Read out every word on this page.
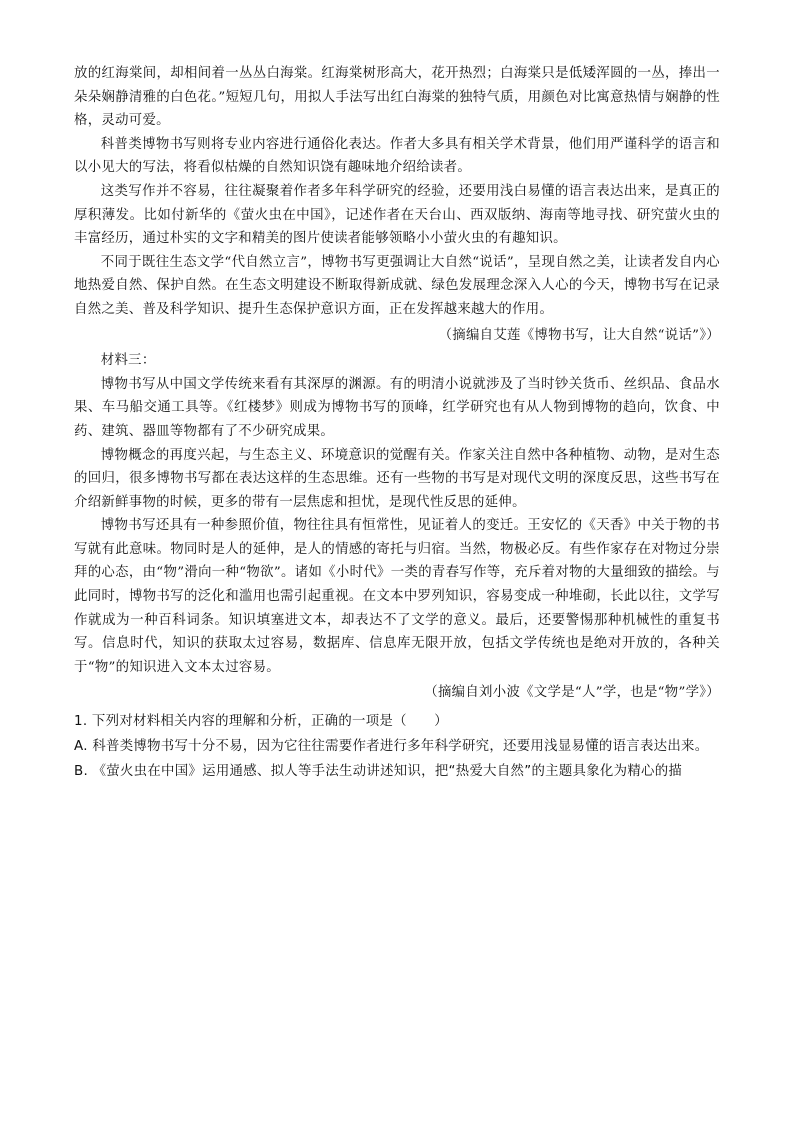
放的红海棠间，却相间着一丛丛白海棠。红海棠树形高大，花开热烈；白海棠只是低矮浑圆的一丛，捧出一朵朵娴静清雅的白色花。”短短几句，用拟人手法写出红白海棠的独特气质，用颜色对比寓意热情与娴静的性格，灵动可爱。

科普类博物书写则将专业内容进行通俗化表达。作者大多具有相关学术背景，他们用严谨科学的语言和以小见大的写法，将看似枯燥的自然知识饶有趣味地介绍给读者。

这类写作并不容易，往往凝聚着作者多年科学研究的经验，还要用浅白易懂的语言表达出来，是真正的厚积薄发。比如付新华的《萤火虫在中国》，记述作者在天台山、西双版纳、海南等地寻找、研究萤火虫的丰富经历，通过朴实的文字和精美的图片使读者能够领略小小萤火虫的有趣知识。

不同于既往生态文学“代自然立言”，博物书写更强调让大自然“说话”，呈现自然之美，让读者发自内心地热爱自然、保护自然。在生态文明建设不断取得新成就、绿色发展理念深入人心的今天，博物书写在记录自然之美、普及科学知识、提升生态保护意识方面，正在发挥越来越大的作用。

（摘编自艾莲《博物书写，让大自然“说话”》）

材料三：

博物书写从中国文学传统来看有其深厚的渊源。有的明清小说就涉及了当时钞关货币、丝织品、食品水果、车马船交通工具等。《红楼梦》则成为博物书写的顶峰，红学研究也有从人物到博物的趋向，饮食、中药、建筑、器皿等物都有了不少研究成果。

博物概念的再度兴起，与生态主义、环境意识的觉醒有关。作家关注自然中各种植物、动物，是对生态的回归，很多博物书写都在表达这样的生态思维。还有一些物的书写是对现代文明的深度反思，这些书写在介绍新鲜事物的时候，更多的带有一层焦虑和担忧，是现代性反思的延伸。

博物书写还具有一种参照价值，物往往具有恒常性，见证着人的变迁。王安忆的《天香》中关于物的书写就有此意味。物同时是人的延伸，是人的情感的寄托与归宿。当然，物极必反。有些作家存在对物过分崇拜的心态，由“物”滑向一种“物欲”。诸如《小时代》一类的青春写作等，充斥着对物的大量细致的描绘。与此同时，博物书写的泛化和滥用也需引起重视。在文本中罗列知识，容易变成一种堆砌，长此以往，文学写作就成为一种百科词条。知识填塞进文本，却表达不了文学的意义。最后，还要警惕那种机械性的重复书写。信息时代，知识的获取太过容易，数据库、信息库无限开放，包括文学传统也是绝对开放的，各种关于“物”的知识进入文本太过容易。

（摘编自刘小波《文学是“人”学，也是“物”学》）

1. 下列对材料相关内容的理解和分析，正确的一项是（　　）

A. 科普类博物书写十分不易，因为它往往需要作者进行多年科学研究，还要用浅显易懂的语言表达出来。

B. 《萤火虫在中国》运用通感、拟人等手法生动讲述知识，把“热爱大自然”的主题具象化为精心的描
